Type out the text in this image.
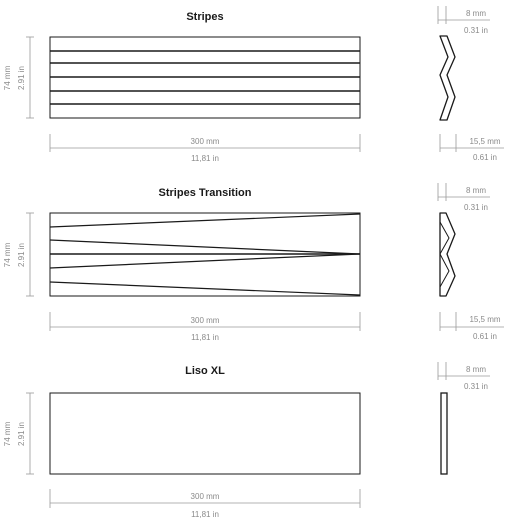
Stripes
74 mm 2.91 in
300 mm
11,81 in
8 mm
0.31 in
15,5 mm
0.61 in
Stripes Transition
74 mm 2.91 in
300 mm
11,81 in
8 mm
0.31 in
15,5 mm
0.61 in
Liso XL
74 mm 2.91 in
300 mm
11,81 in
8 mm
0.31 in
